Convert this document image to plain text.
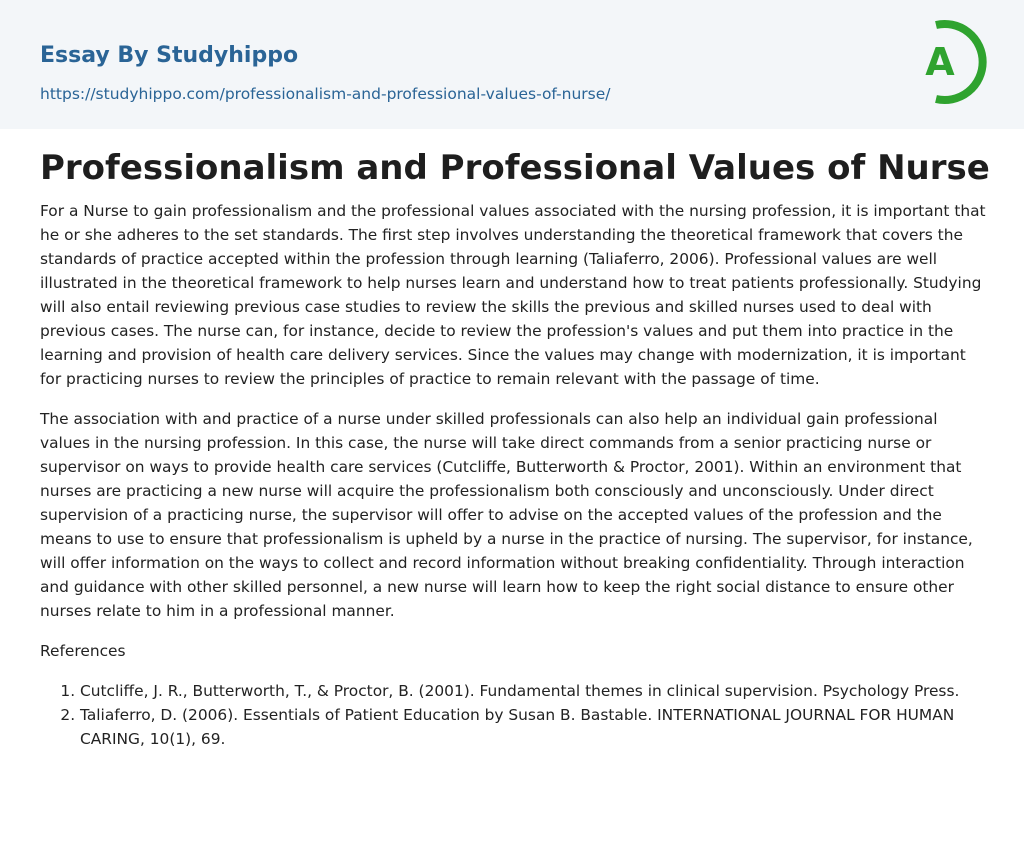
Essay By Studyhippo
https://studyhippo.com/professionalism-and-professional-values-of-nurse/
A
Professionalism and Professional Values of Nurse

For a Nurse to gain professionalism and the professional values associated with the nursing profession, it is important that he or she adheres to the set standards. The first step involves understanding the theoretical framework that covers the standards of practice accepted within the profession through learning (Taliaferro, 2006). Professional values are well illustrated in the theoretical framework to help nurses learn and understand how to treat patients professionally. Studying will also entail reviewing previous case studies to review the skills the previous and skilled nurses used to deal with previous cases. The nurse can, for instance, decide to review the profession's values and put them into practice in the learning and provision of health care delivery services. Since the values may change with modernization, it is important for practicing nurses to review the principles of practice to remain relevant with the passage of time.

The association with and practice of a nurse under skilled professionals can also help an individual gain professional values in the nursing profession. In this case, the nurse will take direct commands from a senior practicing nurse or supervisor on ways to provide health care services (Cutcliffe, Butterworth & Proctor, 2001). Within an environment that nurses are practicing a new nurse will acquire the professionalism both consciously and unconsciously. Under direct supervision of a practicing nurse, the supervisor will offer to advise on the accepted values of the profession and the means to use to ensure that professionalism is upheld by a nurse in the practice of nursing. The supervisor, for instance, will offer information on the ways to collect and record information without breaking confidentiality. Through interaction and guidance with other skilled personnel, a new nurse will learn how to keep the right social distance to ensure other nurses relate to him in a professional manner.

References

1. Cutcliffe, J. R., Butterworth, T., & Proctor, B. (2001). Fundamental themes in clinical supervision. Psychology Press.
2. Taliaferro, D. (2006). Essentials of Patient Education by Susan B. Bastable. INTERNATIONAL JOURNAL FOR HUMAN CARING, 10(1), 69.
